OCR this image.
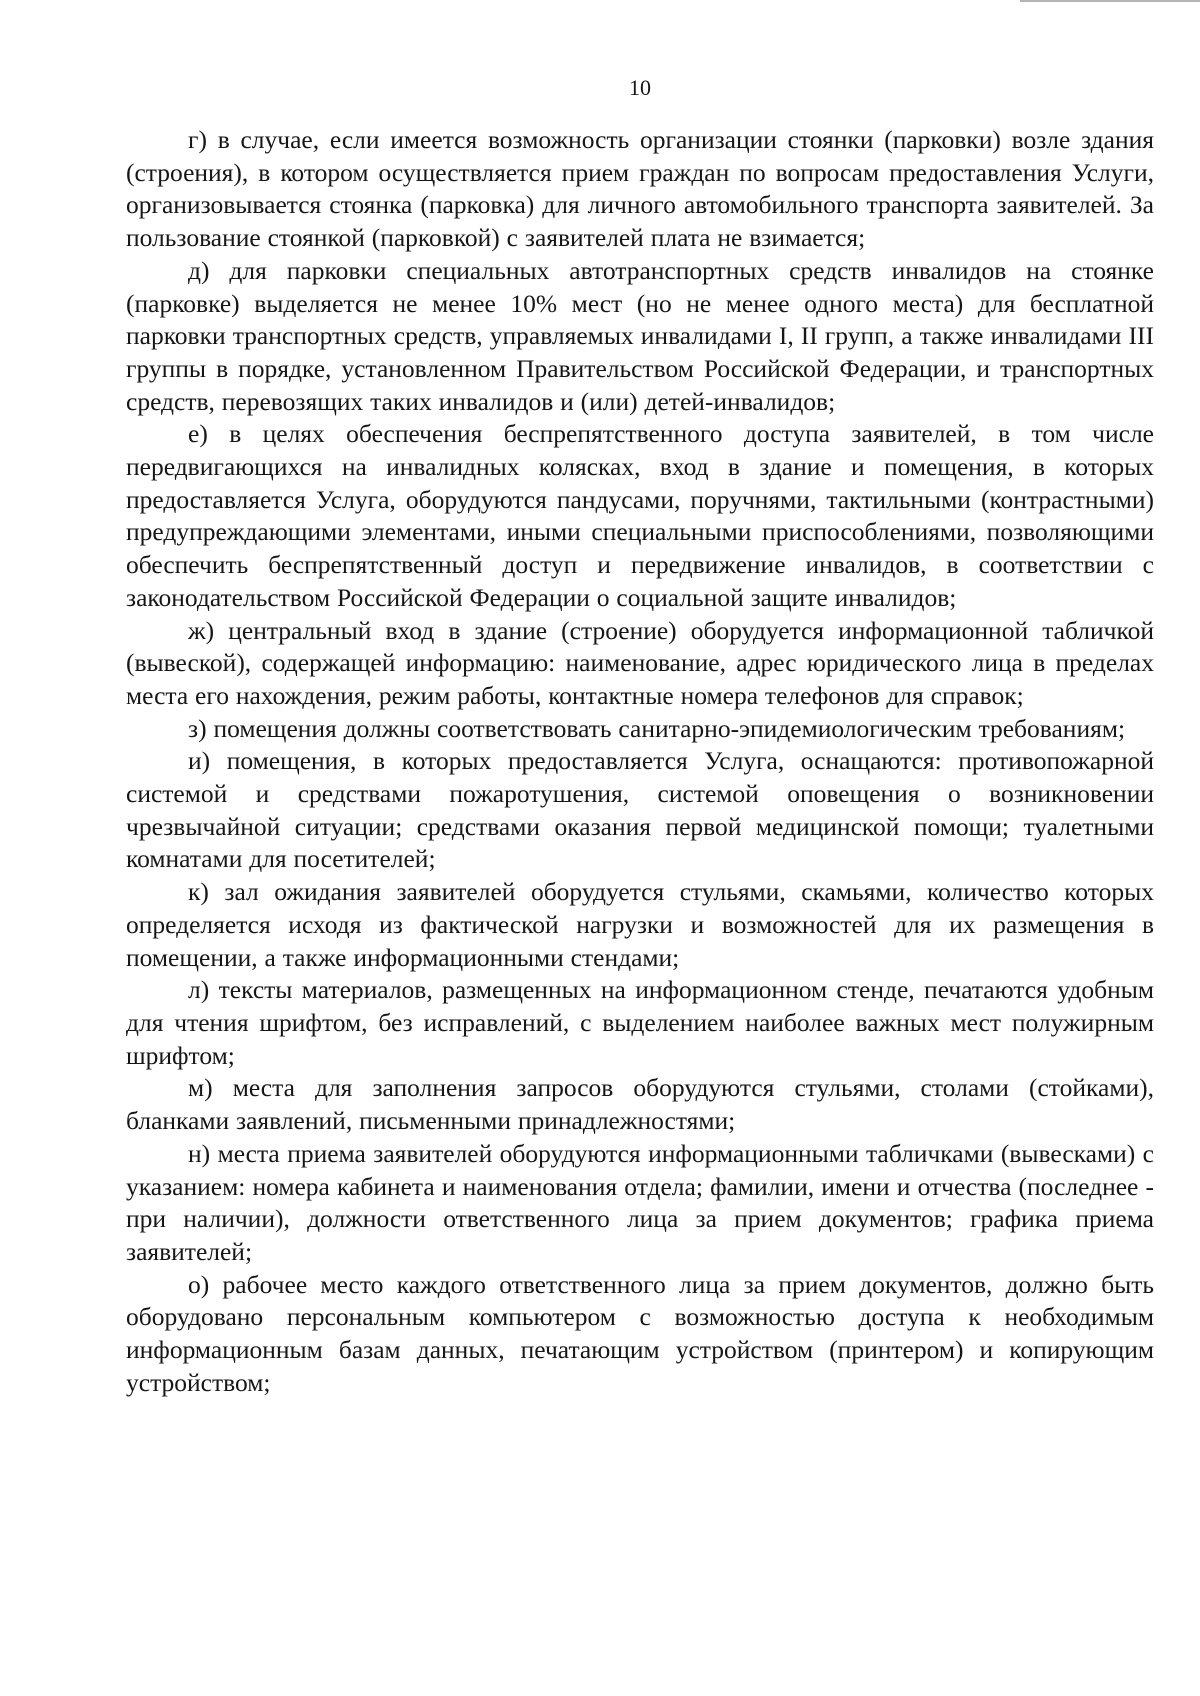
10

г) в случае, если имеется возможность организации стоянки (парковки) возле здания (строения), в котором осуществляется прием граждан по вопросам предоставления Услуги, организовывается стоянка (парковка) для личного автомобильного транспорта заявителей. За пользование стоянкой (парковкой) с заявителей плата не взимается;

д) для парковки специальных автотранспортных средств инвалидов на стоянке (парковке) выделяется не менее 10% мест (но не менее одного места) для бесплатной парковки транспортных средств, управляемых инвалидами I, II групп, а также инвалидами III группы в порядке, установленном Правительством Российской Федерации, и транспортных средств, перевозящих таких инвалидов и (или) детей-инвалидов;

е) в целях обеспечения беспрепятственного доступа заявителей, в том числе передвигающихся на инвалидных колясках, вход в здание и помещения, в которых предоставляется Услуга, оборудуются пандусами, поручнями, тактильными (контрастными) предупреждающими элементами, иными специальными приспособлениями, позволяющими обеспечить беспрепятственный доступ и передвижение инвалидов, в соответствии с законодательством Российской Федерации о социальной защите инвалидов;

ж) центральный вход в здание (строение) оборудуется информационной табличкой (вывеской), содержащей информацию: наименование, адрес юридического лица в пределах места его нахождения, режим работы, контактные номера телефонов для справок;

з) помещения должны соответствовать санитарно-эпидемиологическим требованиям;

и) помещения, в которых предоставляется Услуга, оснащаются: противопожарной системой и средствами пожаротушения, системой оповещения о возникновении чрезвычайной ситуации; средствами оказания первой медицинской помощи; туалетными комнатами для посетителей;

к) зал ожидания заявителей оборудуется стульями, скамьями, количество которых определяется исходя из фактической нагрузки и возможностей для их размещения в помещении, а также информационными стендами;

л) тексты материалов, размещенных на информационном стенде, печатаются удобным для чтения шрифтом, без исправлений, с выделением наиболее важных мест полужирным шрифтом;

м) места для заполнения запросов оборудуются стульями, столами (стойками), бланками заявлений, письменными принадлежностями;

н) места приема заявителей оборудуются информационными табличками (вывесками) с указанием: номера кабинета и наименования отдела; фамилии, имени и отчества (последнее - при наличии), должности ответственного лица за прием документов; графика приема заявителей;

о) рабочее место каждого ответственного лица за прием документов, должно быть оборудовано персональным компьютером с возможностью доступа к необходимым информационным базам данных, печатающим устройством (принтером) и копирующим устройством;
